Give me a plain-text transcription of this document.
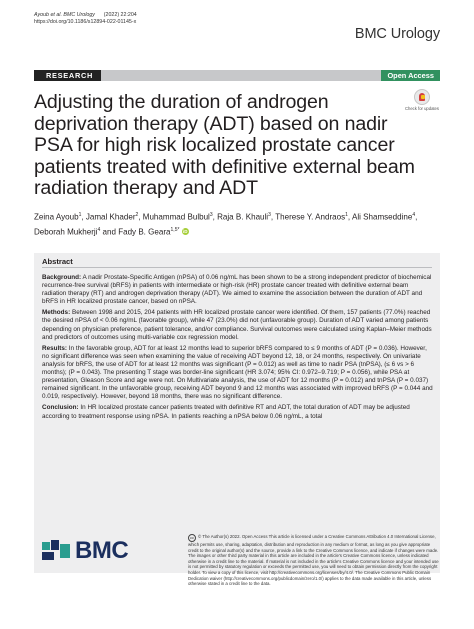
Ayoub et al. BMC Urology (2022) 22:204
https://doi.org/10.1186/s12894-022-01145-x
BMC Urology
RESEARCH	Open Access
Adjusting the duration of androgen deprivation therapy (ADT) based on nadir PSA for high risk localized prostate cancer patients treated with definitive external beam radiation therapy and ADT
Check for updates
Zeina Ayoub$^1$, Jamal Khader$^2$, Muhammad Bulbul$^3$, Raja B. Khauli$^3$, Therese Y. Andraos$^1$, Ali Shamseddine$^4$,
Deborah Mukherji$^4$ and Fady B. Geara$^{1,5*}$ iD
Abstract

Background: A nadir Prostate-Specific Antigen (nPSA) of 0.06 ng/mL has been shown to be a strong independent predictor of biochemical recurrence-free survival (bRFS) in patients with intermediate or high-risk (HR) prostate cancer treated with definitive external beam radiation therapy (RT) and androgen deprivation therapy (ADT). We aimed to examine the association between the duration of ADT and bRFS in HR localized prostate cancer, based on nPSA.

Methods: Between 1998 and 2015, 204 patients with HR localized prostate cancer were identified. Of them, 157 patients (77.0%) reached the desired nPSA of < 0.06 ng/mL (favorable group), while 47 (23.0%) did not (unfavorable group). Duration of ADT varied among patients depending on physician preference, patient tolerance, and/or compliance. Survival outcomes were calculated using Kaplan–Meier methods and predictors of outcomes using multi-variable cox regression model.

Results: In the favorable group, ADT for at least 12 months lead to superior bRFS compared to ≤ 9 months of ADT (P = 0.036). However, no significant difference was seen when examining the value of receiving ADT beyond 12, 18, or 24 months, respectively. On univariate analysis for bRFS, the use of ADT for at least 12 months was significant (P = 0.012) as well as time to nadir PSA (tnPSA), (≤ 6 vs > 6 months); (P = 0.043). The presenting T stage was border-line significant (HR 3.074; 95% CI: 0.972–9.719; P = 0.056), while PSA at presentation, Gleason Score and age were not. On Multivariate analysis, the use of ADT for 12 months (P = 0.012) and tnPSA (P = 0.037) remained significant. In the unfavorable group, receiving ADT beyond 9 and 12 months was associated with improved bRFS (P = 0.044 and 0.019, respectively). However, beyond 18 months, there was no significant difference.

Conclusion: In HR localized prostate cancer patients treated with definitive RT and ADT, the total duration of ADT may be adjusted according to treatment response using nPSA. In patients reaching a nPSA below 0.06 ng/mL, a total

BMC	cc © The Author(s) 2022. Open Access This article is licensed under a Creative Commons Attribution 4.0 International License, which permits use, sharing, adaptation, distribution and reproduction in any medium or format, as long as you give appropriate credit to the original author(s) and the source, provide a link to the Creative Commons licence, and indicate if changes were made. The images or other third party material in this article are included in the article's Creative Commons licence, unless indicated otherwise in a credit line to the material. If material is not included in the article's Creative Commons licence and your intended use is not permitted by statutory regulation or exceeds the permitted use, you will need to obtain permission directly from the copyright holder. To view a copy of this licence, visit http://creativecommons.org/licenses/by/4.0/. The Creative Commons Public Domain Dedication waiver (http://creativecommons.org/publicdomain/zero/1.0/) applies to the data made available in this article, unless otherwise stated in a credit line to the data.
